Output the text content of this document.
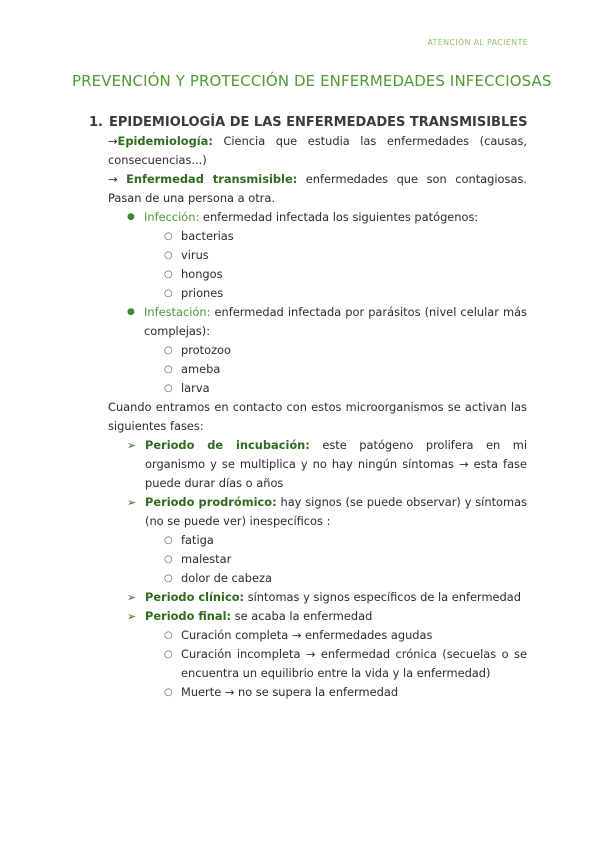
ATENCIÓN AL PACIENTE
PREVENCIÓN Y PROTECCIÓN DE ENFERMEDADES INFECCIOSAS
1. EPIDEMIOLOGÍA DE LAS ENFERMEDADES TRANSMISIBLES
→Epidemiología: Ciencia que estudia las enfermedades (causas, consecuencias...)
→ Enfermedad transmisible: enfermedades que son contagiosas. Pasan de una persona a otra.
● Infección: enfermedad infectada los siguientes patógenos:
○ bacterias
○ virus
○ hongos
○ priones
● Infestación: enfermedad infectada por parásitos (nivel celular más complejas):
○ protozoo
○ ameba
○ larva
Cuando entramos en contacto con estos microorganismos se activan las siguientes fases:
➢ Periodo de incubación: este patógeno prolifera en mi organismo y se multiplica y no hay ningún síntomas → esta fase puede durar días o años
➢ Periodo prodrómico: hay signos (se puede observar) y síntomas (no se puede ver) inespecíficos :
○ fatiga
○ malestar
○ dolor de cabeza
➢ Periodo clínico: síntomas y signos específicos de la enfermedad
➢ Periodo final: se acaba la enfermedad
○ Curación completa → enfermedades agudas
○ Curación incompleta → enfermedad crónica (secuelas o se encuentra un equilibrio entre la vida y la enfermedad)
○ Muerte → no se supera la enfermedad
